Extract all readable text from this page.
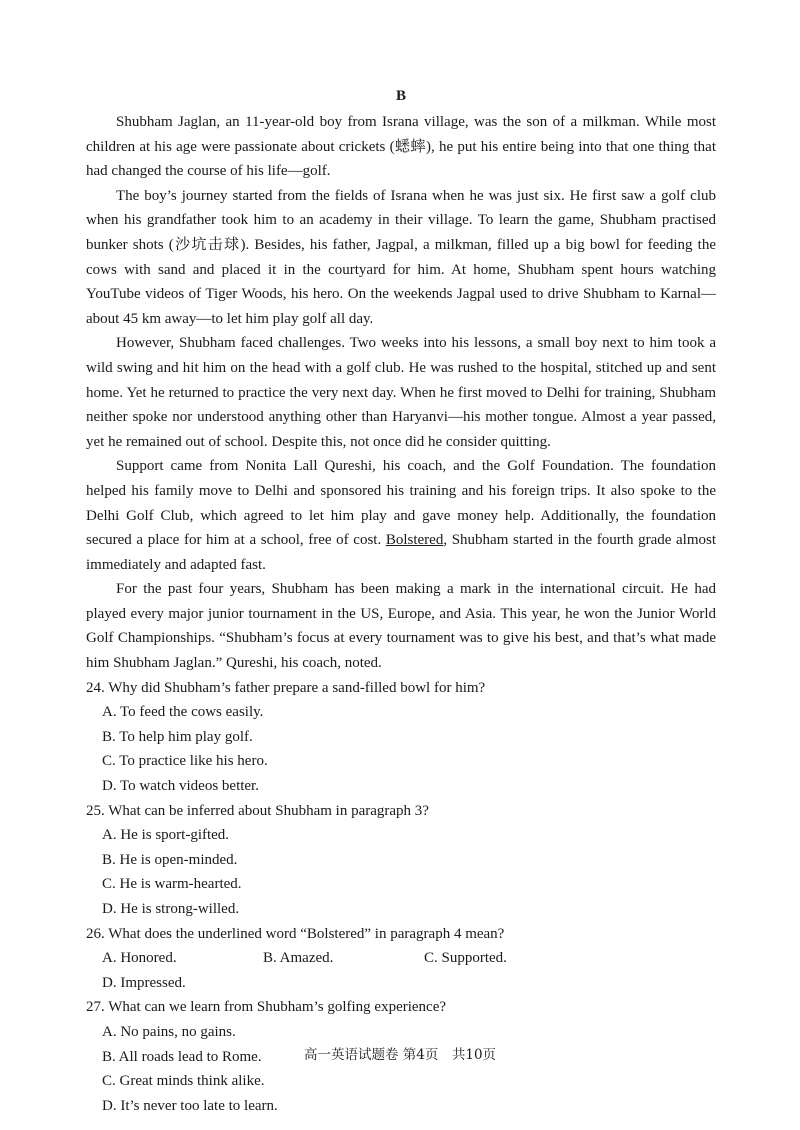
B

Shubham Jaglan, an 11-year-old boy from Israna village, was the son of a milkman. While most children at his age were passionate about crickets (蟋蟀), he put his entire being into that one thing that had changed the course of his life—golf.

The boy’s journey started from the fields of Israna when he was just six. He first saw a golf club when his grandfather took him to an academy in their village. To learn the game, Shubham practised bunker shots (沙坑击球). Besides, his father, Jagpal, a milkman, filled up a big bowl for feeding the cows with sand and placed it in the courtyard for him. At home, Shubham spent hours watching YouTube videos of Tiger Woods, his hero. On the weekends Jagpal used to drive Shubham to Karnal—about 45 km away—to let him play golf all day.

However, Shubham faced challenges. Two weeks into his lessons, a small boy next to him took a wild swing and hit him on the head with a golf club. He was rushed to the hospital, stitched up and sent home. Yet he returned to practice the very next day. When he first moved to Delhi for training, Shubham neither spoke nor understood anything other than Haryanvi—his mother tongue. Almost a year passed, yet he remained out of school. Despite this, not once did he consider quitting.

Support came from Nonita Lall Qureshi, his coach, and the Golf Foundation. The foundation helped his family move to Delhi and sponsored his training and his foreign trips. It also spoke to the Delhi Golf Club, which agreed to let him play and gave money help. Additionally, the foundation secured a place for him at a school, free of cost. Bolstered, Shubham started in the fourth grade almost immediately and adapted fast.

For the past four years, Shubham has been making a mark in the international circuit. He had played every major junior tournament in the US, Europe, and Asia. This year, he won the Junior World Golf Championships. “Shubham’s focus at every tournament was to give his best, and that’s what made him Shubham Jaglan.” Qureshi, his coach, noted.

24. Why did Shubham’s father prepare a sand-filled bowl for him?

A. To feed the cows easily.
B. To help him play golf.
C. To practice like his hero.
D. To watch videos better.

25. What can be inferred about Shubham in paragraph 3?

A. He is sport-gifted.
B. He is open-minded.
C. He is warm-hearted.
D. He is strong-willed.

26. What does the underlined word “Bolstered” in paragraph 4 mean?

A. Honored.	B. Amazed.	C. Supported.
D. Impressed.

27. What can we learn from Shubham’s golfing experience?

A. No pains, no gains.
B. All roads lead to Rome.
C. Great minds think alike.
D. It’s never too late to learn.
高一英语试题卷 第4页　共10页
